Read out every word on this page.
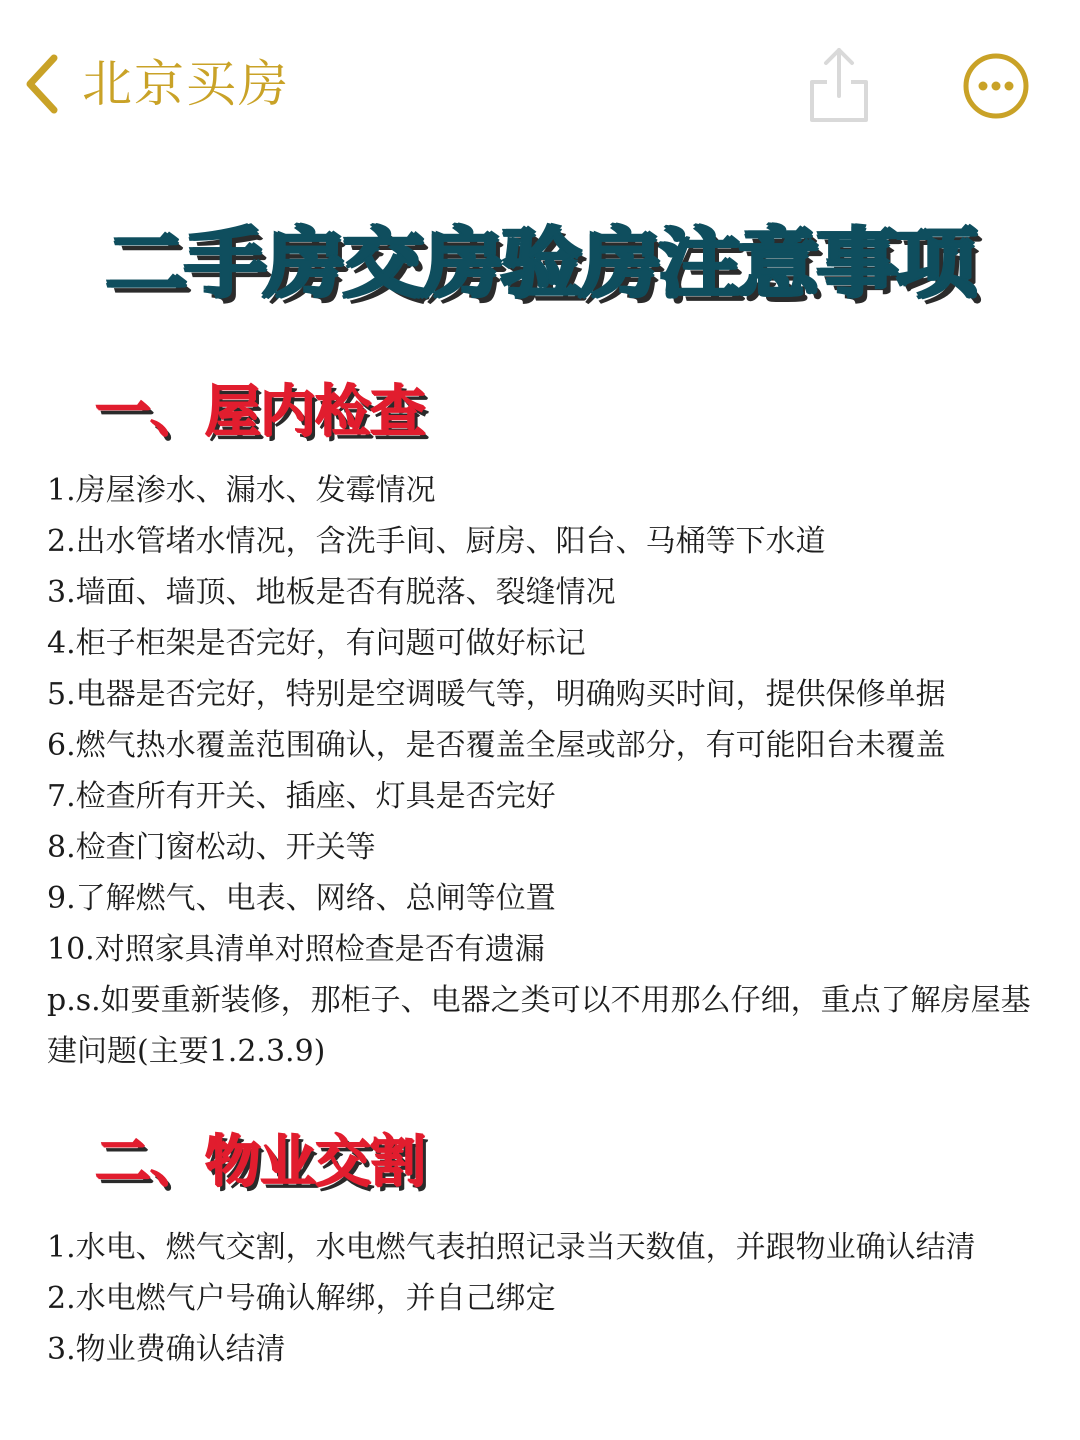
北京买房
二手房交房验房注意事项
一、屋内检查
1.房屋渗水、漏水、发霉情况
2.出水管堵水情况，含洗手间、厨房、阳台、马桶等下水道
3.墙面、墙顶、地板是否有脱落、裂缝情况
4.柜子柜架是否完好，有问题可做好标记
5.电器是否完好，特别是空调暖气等，明确购买时间，提供保修单据
6.燃气热水覆盖范围确认，是否覆盖全屋或部分，有可能阳台未覆盖
7.检查所有开关、插座、灯具是否完好
8.检查门窗松动、开关等
9.了解燃气、电表、网络、总闸等位置
10.对照家具清单对照检查是否有遗漏

p.s.如要重新装修，那柜子、电器之类可以不用那么仔细，重点了解房屋基建问题(主要1.2.3.9)

二、物业交割
1.水电、燃气交割，水电燃气表拍照记录当天数值，并跟物业确认结清
2.水电燃气户号确认解绑，并自己绑定
3.物业费确认结清
